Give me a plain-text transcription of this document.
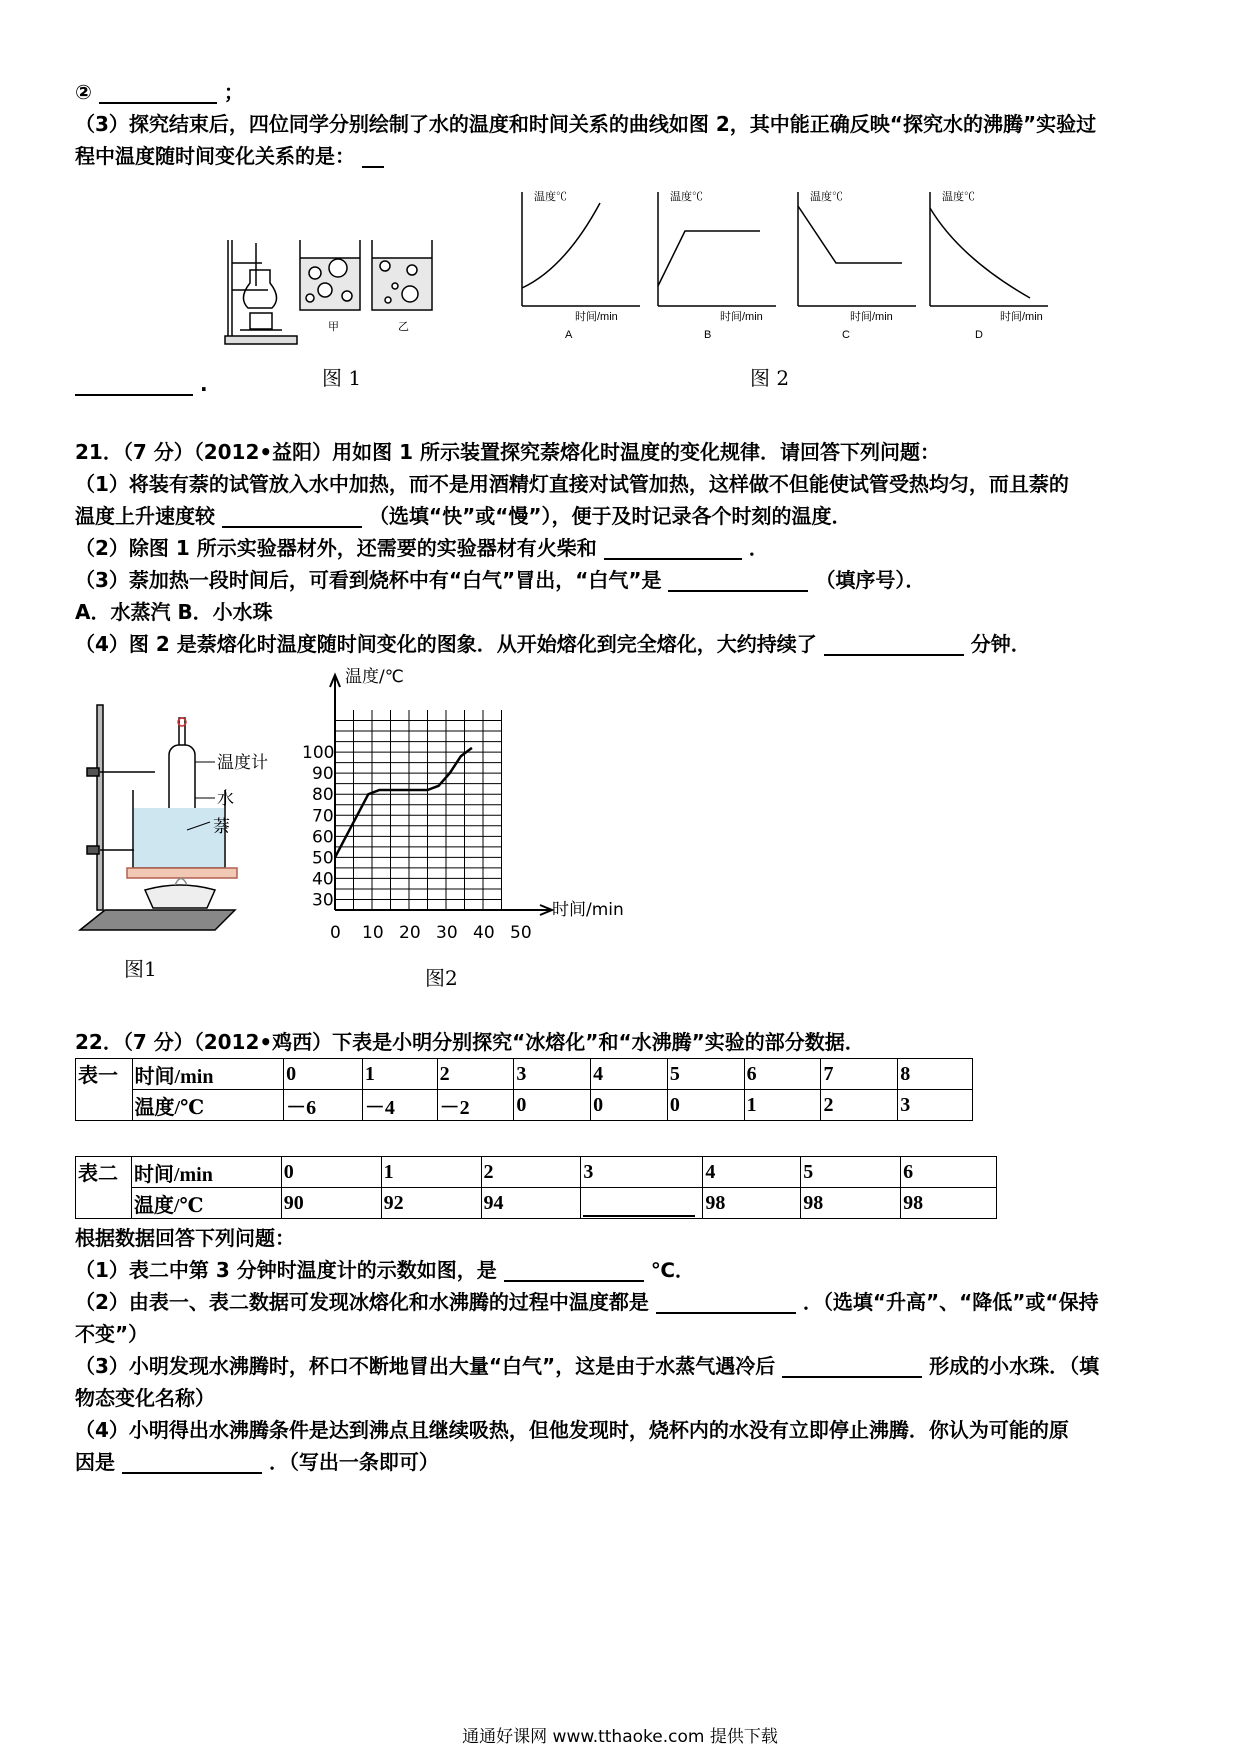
②	；
（3）探究结束后，四位同学分别绘制了水的温度和时间关系的曲线如图 2，其中能正确反映“探究水的沸腾”实验过
程中温度随时间变化关系的是：
甲	乙
图 1
温度℃	温度℃	温度℃	温度℃
时间/min	时间/min	时间/min	时间/min
A	B	C	D
图 2
.
21．（7 分）（2012•益阳）用如图 1 所示装置探究萘熔化时温度的变化规律．请回答下列问题：
（1）将装有萘的试管放入水中加热，而不是用酒精灯直接对试管加热，这样做不但能使试管受热均匀，而且萘的
温度上升速度较	（选填“快”或“慢”），便于及时记录各个时刻的温度．
（2）除图 1 所示实验器材外，还需要的实验器材有火柴和	．
（3）萘加热一段时间后，可看到烧杯中有“白气”冒出，“白气”是	（填序号）．
A．水蒸汽 B．小水珠
（4）图 2 是萘熔化时温度随时间变化的图象．从开始熔化到完全熔化，大约持续了	分钟．
温度计
水
萘
图1
0 10 20 30 40 50
30
40
50
60
70
80
90
100
温度/℃
时间/min
图2
22．（7 分）（2012•鸡西）下表是小明分别探究“冰熔化”和“水沸腾”实验的部分数据．
表一	时间/min	0	1	2	3	4	5	6	7	8
	温度/℃	－6	－4	－2	0	0	0	1	2	3
表二	时间/min	0	1	2	3	4	5	6
	温度/℃	90	92	94		98	98	98
根据数据回答下列问题：
（1）表二中第 3 分钟时温度计的示数如图，是	℃．
（2）由表一、表二数据可发现冰熔化和水沸腾的过程中温度都是	．（选填“升高”、“降低”或“保持
不变”）
（3）小明发现水沸腾时，杯口不断地冒出大量“白气”，这是由于水蒸气遇冷后	形成的小水珠．（填
物态变化名称）
（4）小明得出水沸腾条件是达到沸点且继续吸热，但他发现时，烧杯内的水没有立即停止沸腾．你认为可能的原
因是	．（写出一条即可）
通通好课网 www.tthaoke.com 提供下载
